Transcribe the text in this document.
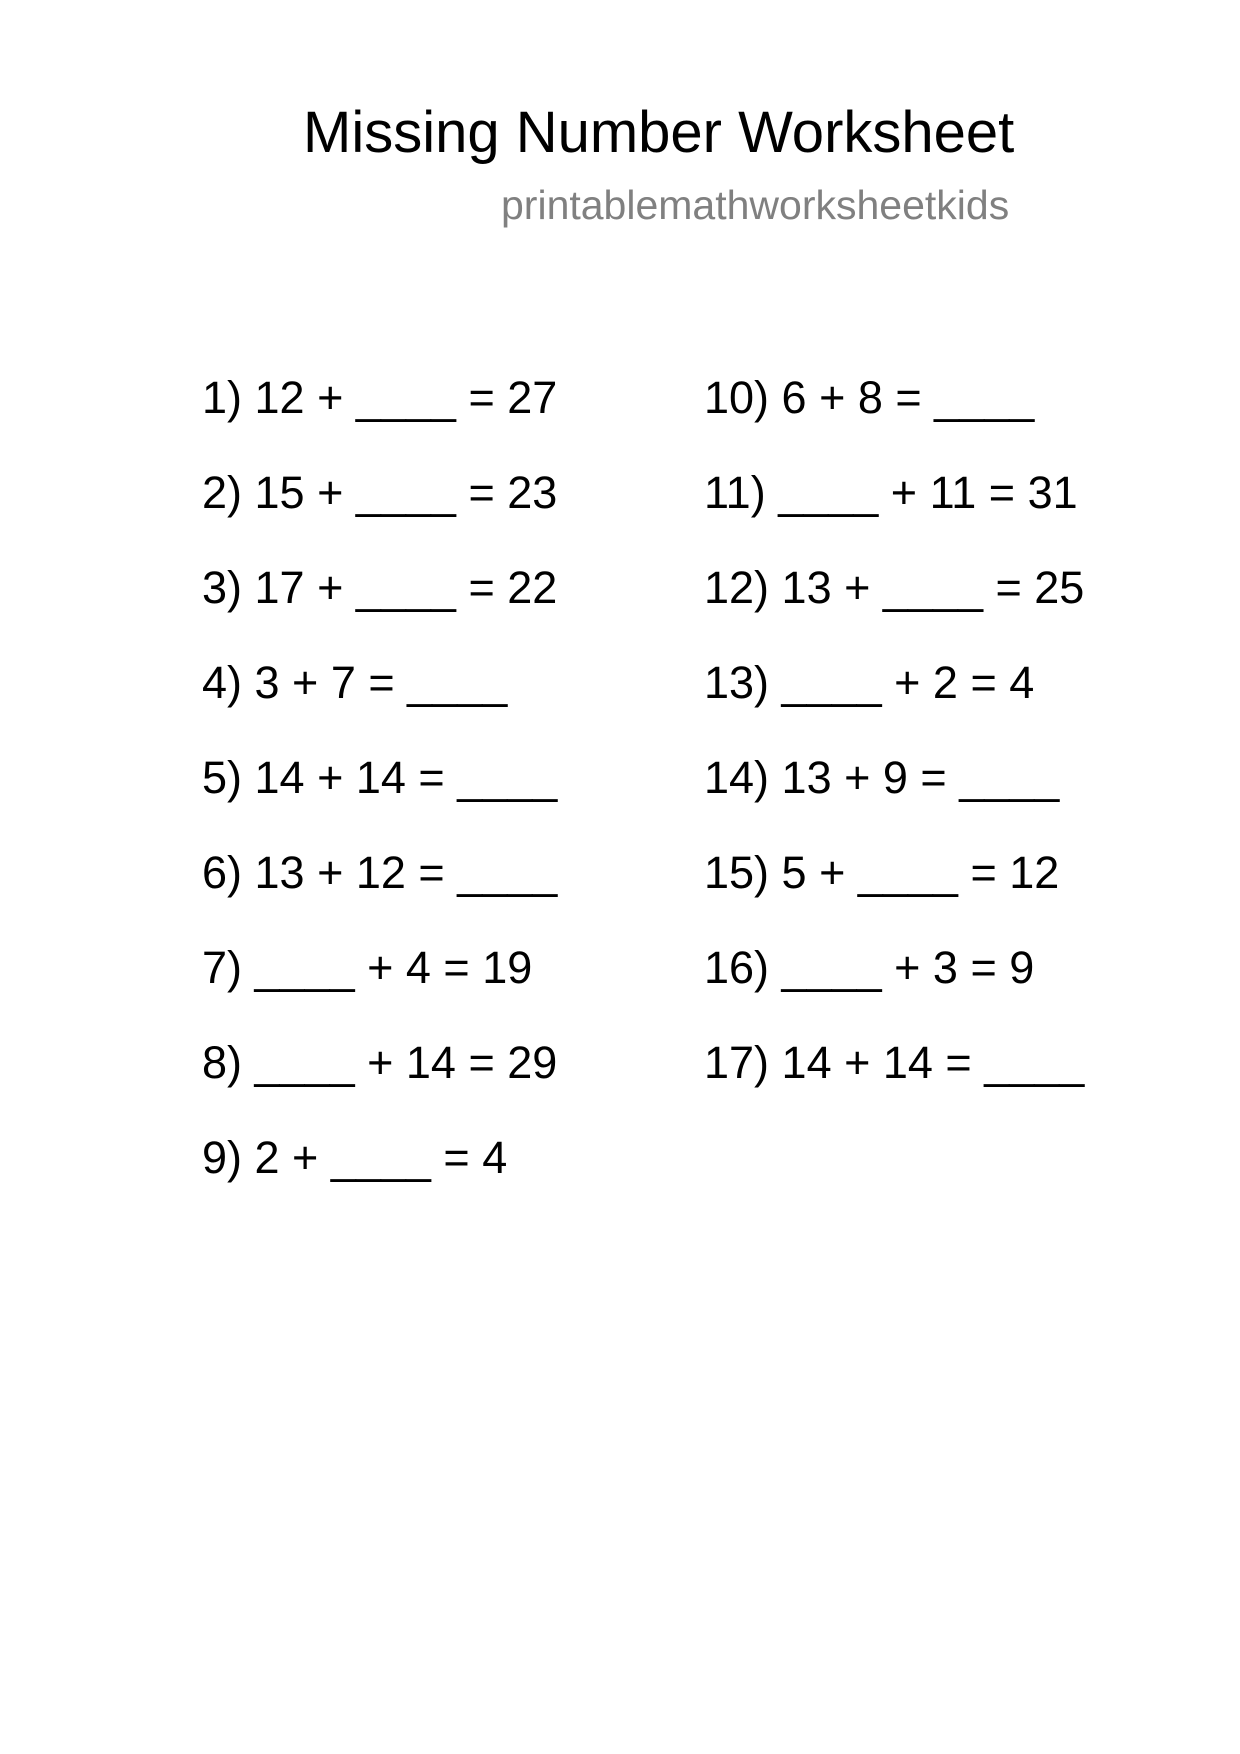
Missing Number Worksheet
printablemathworksheetkids
1) 12 + ____ = 27
2) 15 + ____ = 23
3) 17 + ____ = 22
4) 3 + 7 = ____
5) 14 + 14 = ____
6) 13 + 12 = ____
7) ____ + 4 = 19
8) ____ + 14 = 29
9) 2 + ____ = 4
10) 6 + 8 = ____
11) ____ + 11 = 31
12) 13 + ____ = 25
13) ____ + 2 = 4
14) 13 + 9 = ____
15) 5 + ____ = 12
16) ____ + 3 = 9
17) 14 + 14 = ____
